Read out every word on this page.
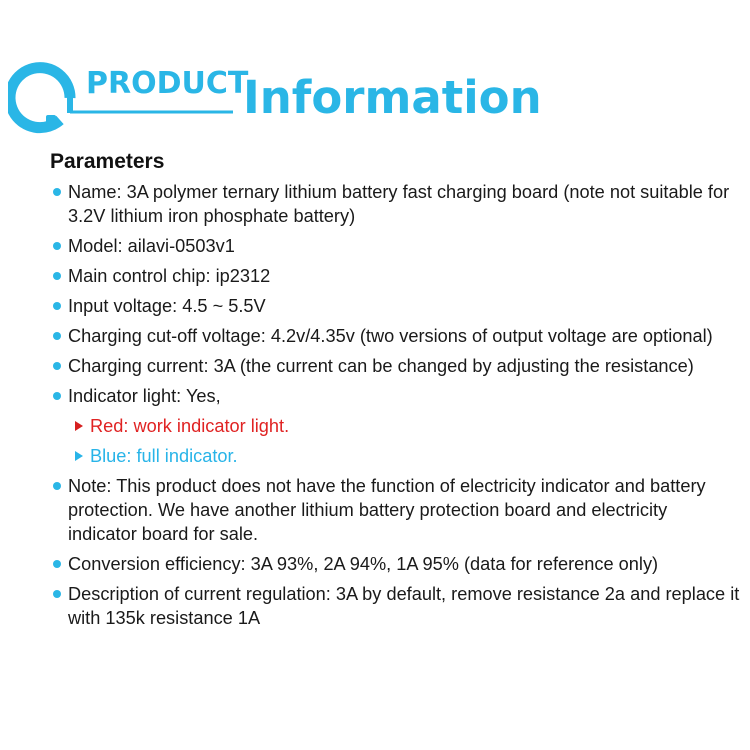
PRODUCT
Information
Parameters
Name: 3A polymer ternary lithium battery fast charging board (note not suitable for 3.2V lithium iron phosphate battery)
Model: ailavi-0503v1
Main control chip: ip2312
Input voltage: 4.5 ~ 5.5V
Charging cut-off voltage: 4.2v/4.35v (two versions of output voltage are optional)
Charging current: 3A (the current can be changed by adjusting the resistance)
Indicator light: Yes,
Red: work indicator light.
Blue: full indicator.
Note: This product does not have the function of electricity indicator and battery protection. We have another lithium battery protection board and electricity indicator board for sale.
Conversion efficiency: 3A 93%, 2A 94%, 1A 95% (data for reference only)
Description of current regulation: 3A by default, remove resistance 2a and replace it with 135k resistance 1A
